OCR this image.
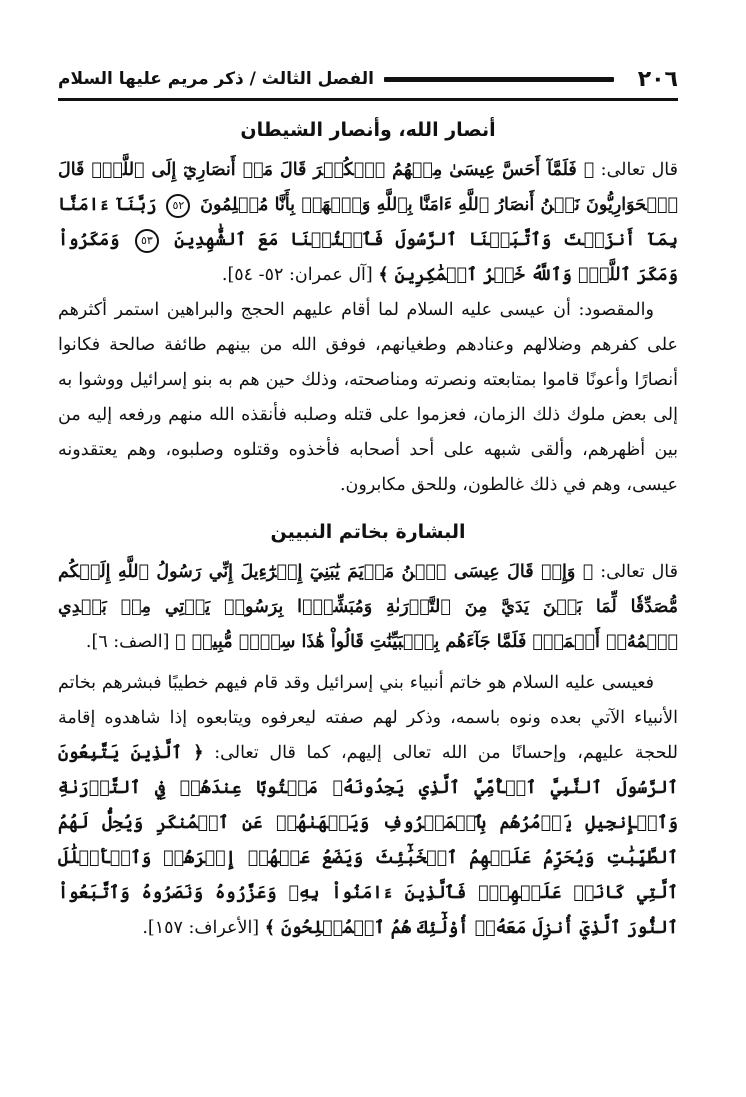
٢٠٦
الفصل الثالث / ذكر مريم عليها السلام
أنصار الله، وأنصار الشيطان

قال تعالى: ﴿ فَلَمَّآ أَحَسَّ عِيسَىٰ مِنۡهُمُ ٱلۡكُفۡرَ قَالَ مَنۡ أَنصَارِيٓ إِلَى ٱللَّهِۖ قَالَ ٱلۡحَوَارِيُّونَ نَحۡنُ أَنصَارُ ٱللَّهِ ءَامَنَّا بِٱللَّهِ وَٱشۡهَدۡ بِأَنَّا مُسۡلِمُونَ ٥٢ رَبَّنَآ ءَامَنَّا بِمَآ أَنزَلۡتَ وَٱتَّبَعۡنَا ٱلرَّسُولَ فَٱكۡتُبۡنَا مَعَ ٱلشَّٰهِدِينَ ٥٣ وَمَكَرُواْ وَمَكَرَ ٱللَّهُۖ وَٱللَّهُ خَيۡرُ ٱلۡمَٰكِرِينَ ﴾ [آل عمران: ٥٢- ٥٤].

والمقصود: أن عيسى عليه السلام لما أقام عليهم الحجج والبراهين استمر أكثرهم على كفرهم وضلالهم وعنادهم وطغيانهم، فوفق الله من بينهم طائفة صالحة فكانوا أنصارًا وأعونًا قاموا بمتابعته ونصرته ومناصحته، وذلك حين هم به بنو إسرائيل ووشوا به إلى بعض ملوك ذلك الزمان، فعزموا على قتله وصلبه فأنقذه الله منهم ورفعه إليه من بين أظهرهم، وألقى شبهه على أحد أصحابه فأخذوه وقتلوه وصلبوه، وهم يعتقدونه عيسى، وهم في ذلك غالطون، وللحق مكابرون.

البشارة بخاتم النبيين

قال تعالى: ﴿ وَإِذۡ قَالَ عِيسَى ٱبۡنُ مَرۡيَمَ يَٰبَنِيٓ إِسۡرَٰٓءِيلَ إِنِّي رَسُولُ ٱللَّهِ إِلَيۡكُم مُّصَدِّقٗا لِّمَا بَيۡنَ يَدَيَّ مِنَ ٱلتَّوۡرَىٰةِ وَمُبَشِّرَۢا بِرَسُولٖ يَأۡتِي مِنۢ بَعۡدِي ٱسۡمُهُۥٓ أَحۡمَدُۖ فَلَمَّا جَآءَهُم بِٱلۡبَيِّنَٰتِ قَالُواْ هَٰذَا سِحۡرٞ مُّبِينٞ ﴾ [الصف: ٦].

فعيسى عليه السلام هو خاتم أنبياء بني إسرائيل وقد قام فيهم خطيبًا فبشرهم بخاتم الأنبياء الآتي بعده ونوه باسمه، وذكر لهم صفته ليعرفوه ويتابعوه إذا شاهدوه إقامة للحجة عليهم، وإحسانًا من الله تعالى إليهم، كما قال تعالى: ﴿ ٱلَّذِينَ يَتَّبِعُونَ ٱلرَّسُولَ ٱلنَّبِيَّ ٱلۡأُمِّيَّ ٱلَّذِي يَجِدُونَهُۥ مَكۡتُوبًا عِندَهُمۡ فِي ٱلتَّوۡرَىٰةِ وَٱلۡإِنجِيلِ يَأۡمُرُهُم بِٱلۡمَعۡرُوفِ وَيَنۡهَىٰهُمۡ عَنِ ٱلۡمُنكَرِ وَيُحِلُّ لَهُمُ ٱلطَّيِّبَٰتِ وَيُحَرِّمُ عَلَيۡهِمُ ٱلۡخَبَٰٓئِثَ وَيَضَعُ عَنۡهُمۡ إِصۡرَهُمۡ وَٱلۡأَغۡلَٰلَ ٱلَّتِي كَانَتۡ عَلَيۡهِمۡۚ فَٱلَّذِينَ ءَامَنُواْ بِهِۦ وَعَزَّرُوهُ وَنَصَرُوهُ وَٱتَّبَعُواْ ٱلنُّورَ ٱلَّذِيٓ أُنزِلَ مَعَهُۥٓ أُوْلَٰٓئِكَ هُمُ ٱلۡمُفۡلِحُونَ ﴾ [الأعراف: ١٥٧].
